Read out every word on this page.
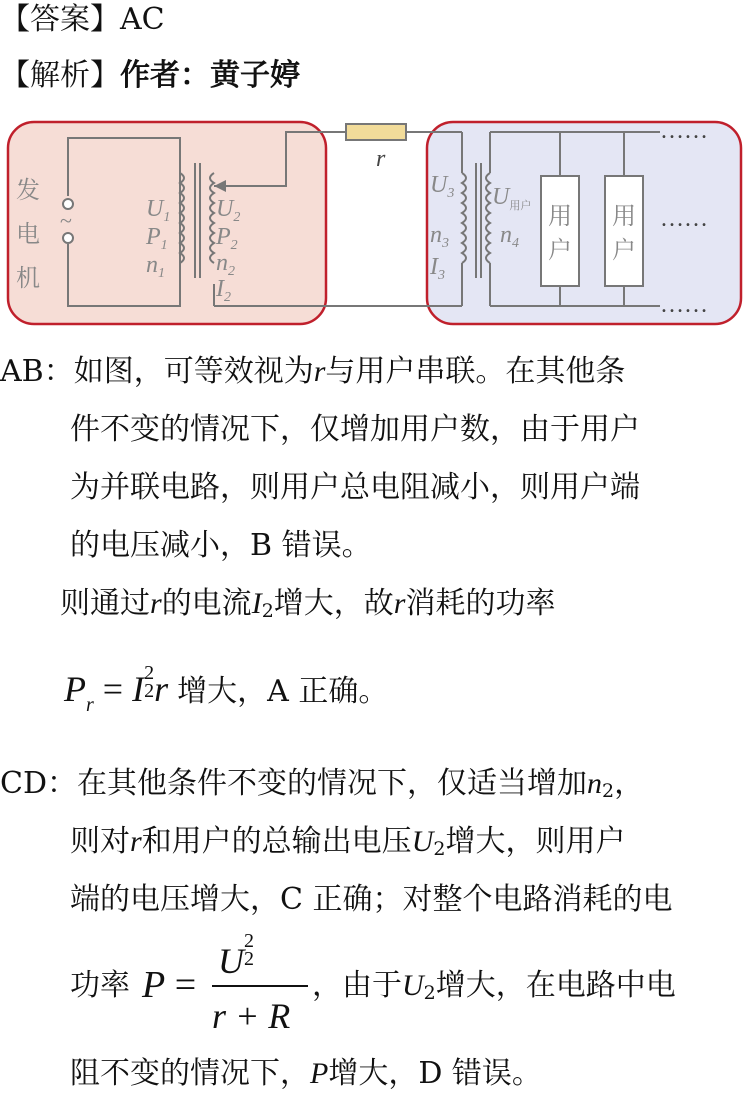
【答案】AC
【解析】作者：黄子婷
r
发
电
机
~	$U_1$
$P_1$
$n_1$
$U_2$
$P_2$
$n_2$
$I_2$
$U_3$
$n_3$
$I_3$
$U_{用户}$
$n_4$
用
户
用
户
……
……
……
AB：如图，可等效视为r与用户串联。在其他条
件不变的情况下，仅增加用户数，由于用户
为并联电路，则用户总电阻减小，则用户端
的电压减小，B 错误。
则通过r的电流$I_2$增大，故r消耗的功率
$P_r = I2$
2r 增大，A 正确。
CD：在其他条件不变的情况下，仅适当增加$n_2$，
则对r和用户的总输出电压$U_2$增大，则用户
端的电压增大，C 正确；对整个电路消耗的电
功率 P =
U2
2
r + R
，由于$U_2$增大，在电路中电
阻不变的情况下，P增大，D 错误。
